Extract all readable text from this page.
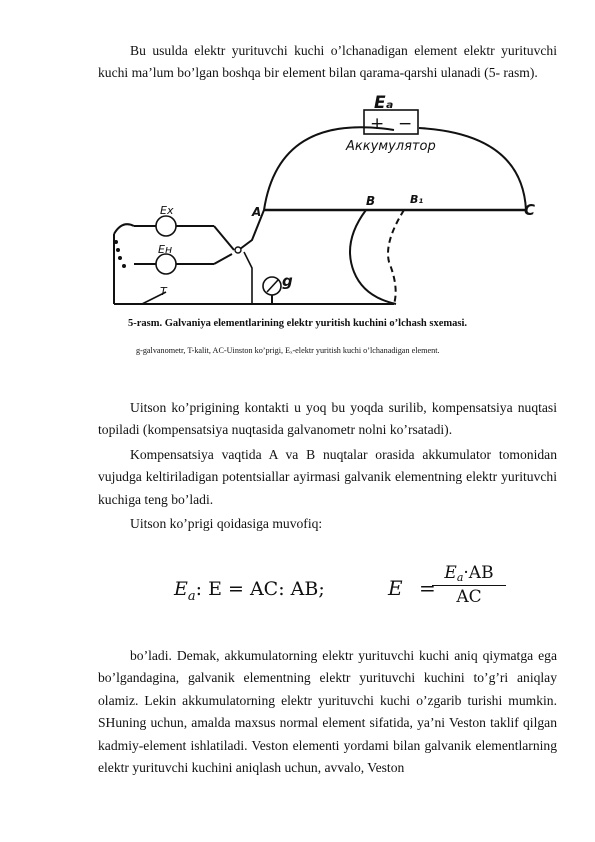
Bu usulda elektr yurituvchi kuchi o’lchanadigan element elektr yurituvchi kuchi ma’lum bo’lgan boshqa bir element bilan qarama-qarshi ulanadi (5- rasm).

Eₐ
+ −
Аккумулятор
A
B	B₁
C
Eх
Eн
T
g
5-rasm. Galvaniya elementlarining elektr yuritish kuchini o’lchash sxemasi.
g-galvanometr, T-kalit, AC-Uinston ko’prigi, Eₓ-elektr yuritish kuchi o’lchanadigan element.

Uitson ko’prigining kontakti u yoq bu yoqda surilib, kompensatsiya nuqtasi topiladi (kompensatsiya nuqtasida galvanometr nolni ko’rsatadi).

Kompensatsiya vaqtida A va B nuqtalar orasida akkumulator tomonidan vujudga keltiriladigan potentsiallar ayirmasi galvanik elementning elektr yurituvchi kuchiga teng bo’ladi.

Uitson ko’prigi qoidasiga muvofiq:

$E_a$: E = AC: AB;	E =
$\frac{Ea\cdot AB}{AC}$

bo’ladi. Demak, akkumulatorning elektr yurituvchi kuchi aniq qiymatga ega bo’lgandagina, galvanik elementning elektr yurituvchi kuchini to’g’ri aniqlay olamiz. Lekin akkumulatorning elektr yurituvchi kuchi o’zgarib turishi mumkin. SHuning uchun, amalda maxsus normal element sifatida, ya’ni Veston taklif qilgan kadmiy-element ishlatiladi. Veston elementi yordami bilan galvanik elementlarning elektr yurituvchi kuchini aniqlash uchun, avvalo, Veston
